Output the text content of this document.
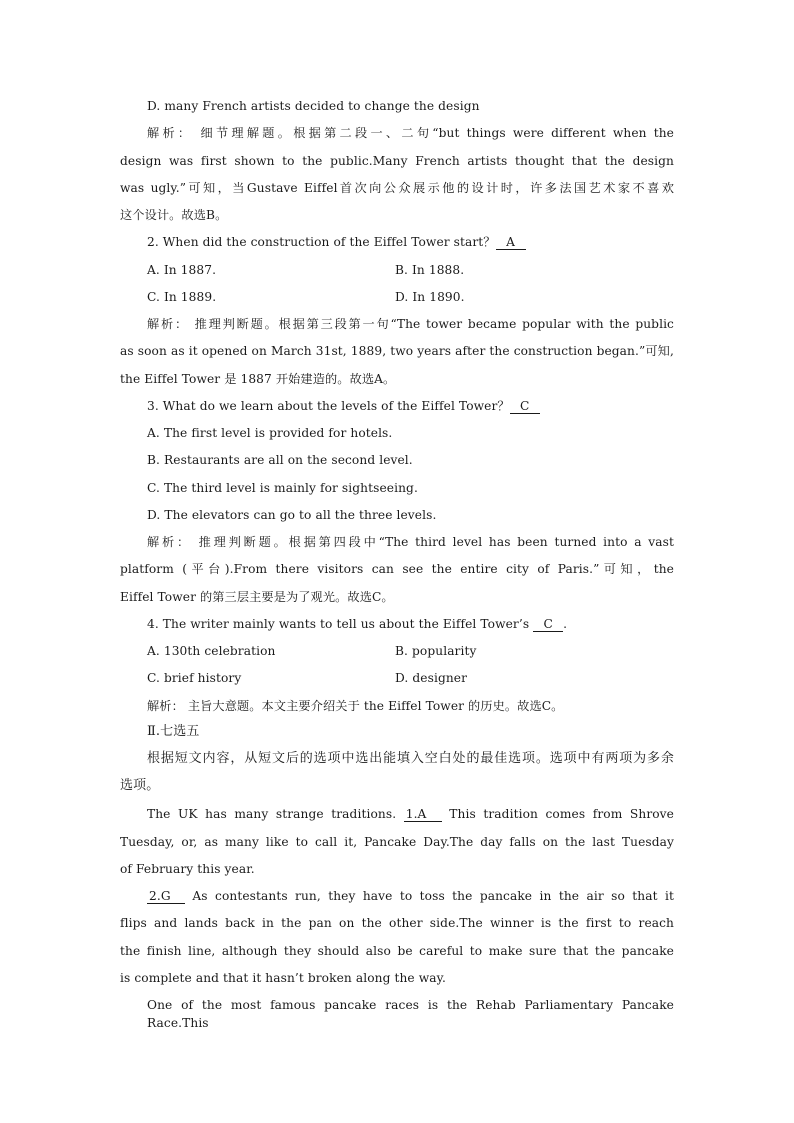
D. many French artists decided to change the design
解析： 细节理解题。根据第二段一、二句“but things were different when the
design was first shown to the public.Many French artists thought that the design
was ugly.”可知，当Gustave Eiffel首次向公众展示他的设计时，许多法国艺术家不喜欢
这个设计。故选B。
2. When did the construction of the Eiffel Tower start？ A
A. In 1887.	B. In 1888.
C. In 1889.	D. In 1890.
解析： 推理判断题。根据第三段第一句“The tower became popular with the public
as soon as it opened on March 31st, 1889, two years after the construction began.”可知,
the Eiffel Tower 是 1887 开始建造的。故选A。
3. What do we learn about the levels of the Eiffel Tower？ C
A. The first level is provided for hotels.
B. Restaurants are all on the second level.
C. The third level is mainly for sightseeing.
D. The elevators can go to all the three levels.
解析： 推理判断题。根据第四段中“The third level has been turned into a vast
platform (平台).From there visitors can see the entire city of Paris.”可知，the
Eiffel Tower 的第三层主要是为了观光。故选C。
4. The writer mainly wants to tell us about the Eiffel Tower’s C .
A. 130th celebration	B. popularity
C. brief history	D. designer
解析： 主旨大意题。本文主要介绍关于 the Eiffel Tower 的历史。故选C。
Ⅱ.七选五
根据短文内容，从短文后的选项中选出能填入空白处的最佳选项。选项中有两项为多余
选项。
The UK has many strange traditions. 1.A This tradition comes from Shrove
Tuesday, or, as many like to call it, Pancake Day.The day falls on the last Tuesday
of February this year.
2.G As contestants run, they have to toss the pancake in the air so that it
flips and lands back in the pan on the other side.The winner is the first to reach
the finish line, although they should also be careful to make sure that the pancake
is complete and that it hasn’t broken along the way.
One of the most famous pancake races is the Rehab Parliamentary Pancake Race.This
